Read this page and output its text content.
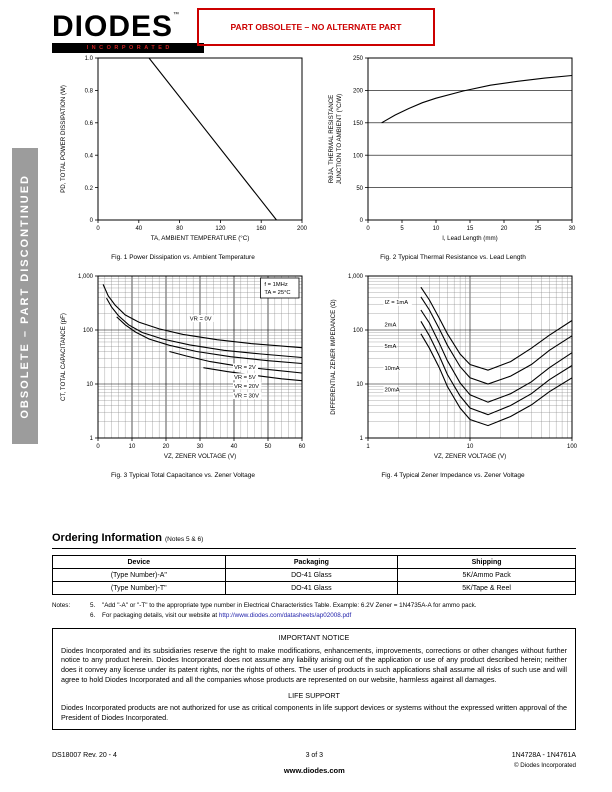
OBSOLETE – PART DISCONTINUED
DIODES™
INCORPORATED
PART OBSOLETE – NO ALTERNATE PART
0	40	80	120	160	200
0
0.2
0.4
0.6
0.8
1.0
TA, AMBIENT TEMPERATURE (°C)
PD, TOTAL POWER DISSIPATION (W)
Fig. 1 Power Dissipation vs. Ambient Temperature
0	5	10	15	20	25	30
0
50
100
150
200
250
l, Lead Length (mm)
RθJA, THERMAL RESISTANCE JUNCTION TO AMBIENT (°C/W)
Fig. 2 Typical Thermal Resistance vs. Lead Length
0	10	20	30	40	50	60
1
10
100
1,000
VR = 0V
VR = 2V
VR = 5V
VR = 20V
VR = 30V
f = 1MHz
TA = 25°C
VZ, ZENER VOLTAGE (V)
CT, TOTAL CAPACITANCE (pF)
Fig. 3 Typical Total Capacitance vs. Zener Voltage
1	10	100
1
10
100
1,000
IZ = 1mA
2mA
5mA
10mA
20mA
VZ, ZENER VOLTAGE (V)
DIFFERENTIAL ZENER IMPEDANCE (Ω)
Fig. 4 Typical Zener Impedance vs. Zener Voltage
Ordering Information (Notes 5 & 6)
Device	Packaging	Shipping
(Type Number)-A"	DO-41 Glass	5K/Ammo Pack
(Type Number)-T"	DO-41 Glass	5K/Tape & Reel
Notes:	5.	"Add "-A" or "-T" to the appropriate type number in Electrical Characteristics Table. Example: 6.2V Zener = 1N4735A-A for ammo pack.
6.	For packaging details, visit our website at http://www.diodes.com/datasheets/ap02008.pdf
IMPORTANT NOTICE
Diodes Incorporated and its subsidiaries reserve the right to make modifications, enhancements, improvements, corrections or other changes without further notice to any product herein. Diodes Incorporated does not assume any liability arising out of the application or use of any product described herein; neither does it convey any license under its patent rights, nor the rights of others. The user of products in such applications shall assume all risks of such use and will agree to hold Diodes Incorporated and all the companies whose products are represented on our website, harmless against all damages.
LIFE SUPPORT
Diodes Incorporated products are not authorized for use as critical components in life support devices or systems without the expressed written approval of the President of Diodes Incorporated.
DS18007 Rev. 20 - 4	3 of 3
www.diodes.com
1N4728A - 1N4761A
© Diodes Incorporated
